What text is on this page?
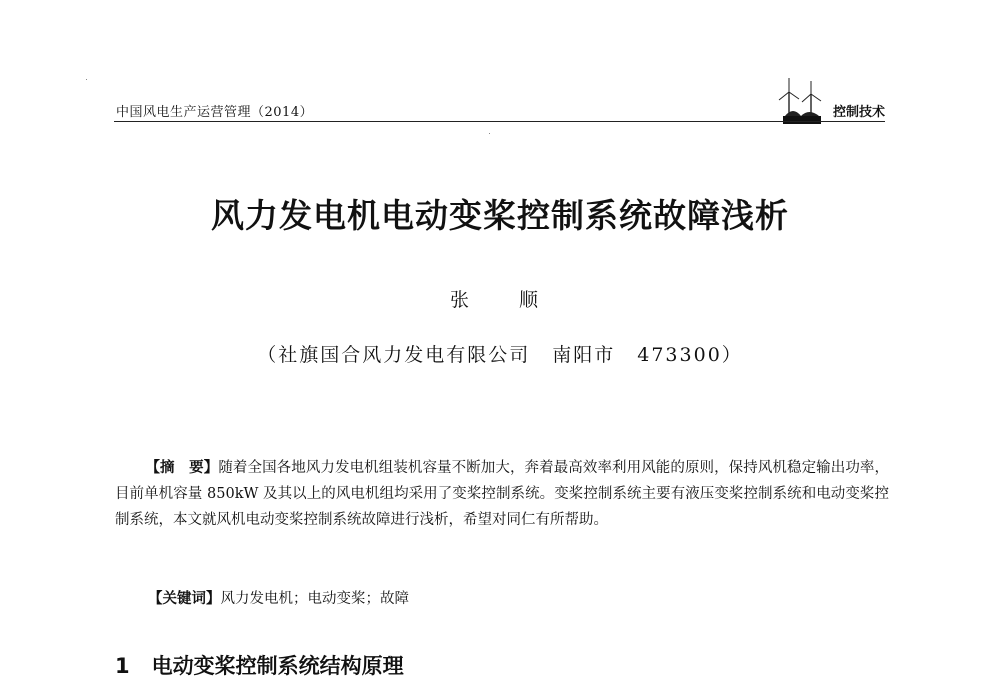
中国风电生产运营管理（2014）	控制技术
风力发电机电动变桨控制系统故障浅析
张 顺
（社旗国合风力发电有限公司 南阳市 473300）

【摘　要】随着全国各地风力发电机组装机容量不断加大，奔着最高效率利用风能的原则，保持风机稳定输出功率，目前单机容量 850kW 及其以上的风电机组均采用了变桨控制系统。变桨控制系统主要有液压变桨控制系统和电动变桨控制系统，本文就风机电动变桨控制系统故障进行浅析，希望对同仁有所帮助。

【关键词】风力发电机；电动变桨；故障
1 电动变桨控制系统结构原理
